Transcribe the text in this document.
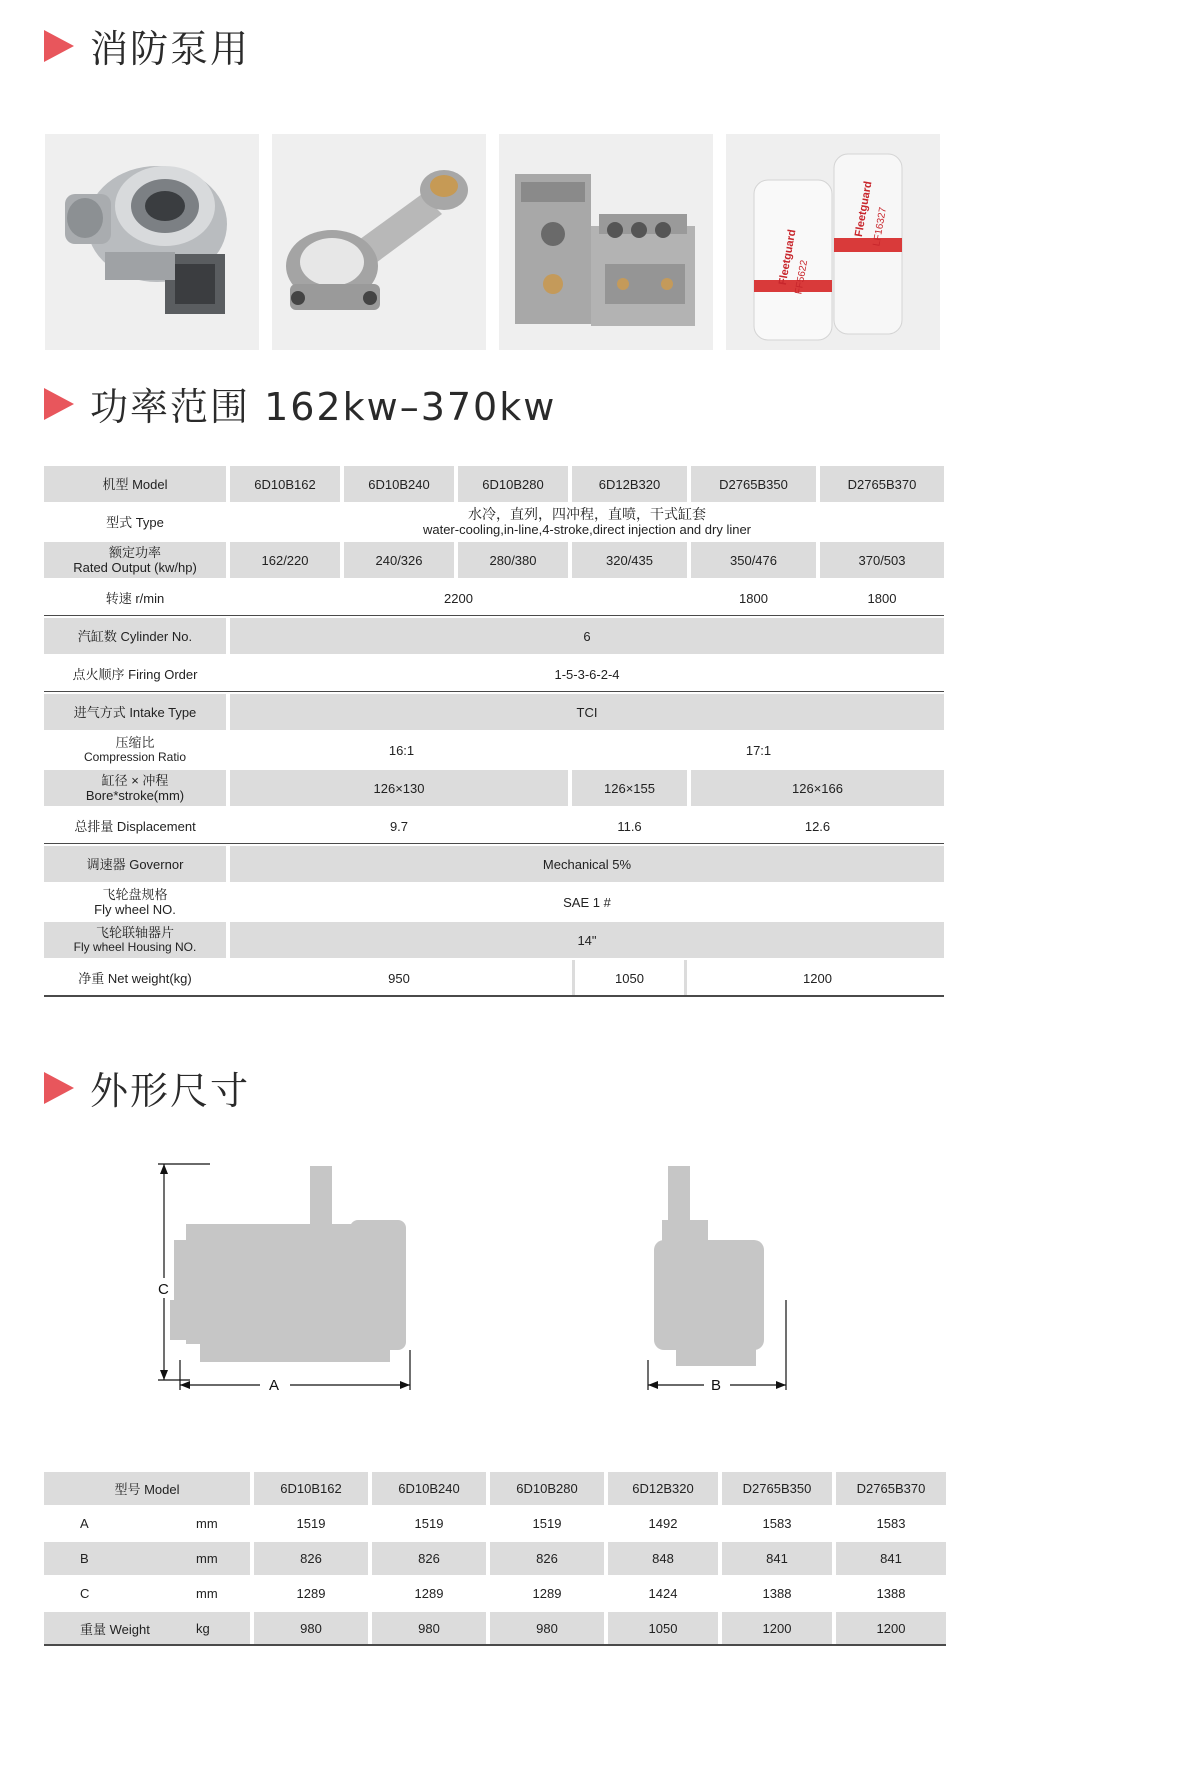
消防泵用
Fleetguard
LF16327
Fleetguard
FF5622
功率范围 162kw–370kw
机型 Model	6D10B162	6D10B240	6D10B280	6D12B320	D2765B350	D2765B370
型式 Type	水冷，直列，四冲程，直喷，干式缸套
water-cooling,in-line,4-stroke,direct injection and dry liner
额定功率
Rated Output (kw/hp)	162/220	240/326	280/380	320/435	350/476	370/503
转速 r/min	2200	1800	1800
汽缸数 Cylinder No.	6
点火顺序 Firing Order	1-5-3-6-2-4
进气方式 Intake Type	TCI
压缩比
Compression Ratio	16:1	17:1
缸径 × 冲程
Bore*stroke(mm)	126×130	126×155	126×166
总排量 Displacement	9.7	11.6	12.6
调速器 Governor	Mechanical 5%
飞轮盘规格
Fly wheel NO.	SAE 1 #
飞轮联轴器片
Fly wheel Housing NO.	14"
净重 Net weight(kg)	950	1050	1200
外形尺寸
C
A	B
型号 Model	6D10B162	6D10B240	6D10B280	6D12B320	D2765B350	D2765B370
A	mm	1519	1519	1519	1492	1583	1583
B	mm	826	826	826	848	841	841
C	mm	1289	1289	1289	1424	1388	1388
重量 Weight	kg	980	980	980	1050	1200	1200
